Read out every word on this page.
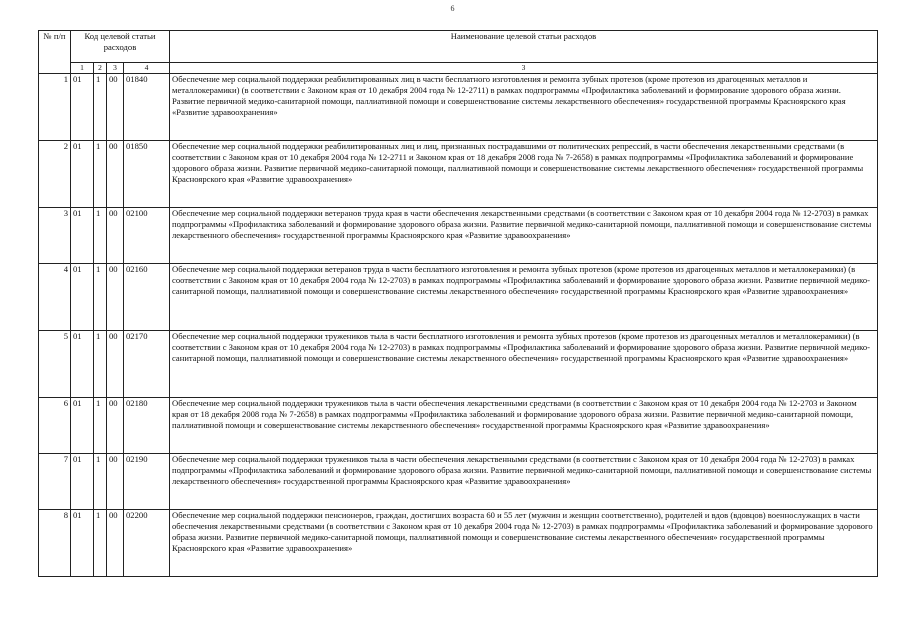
6
№ п/п	Код целевой статьи расходов				Наименование целевой статьи расходов
	1	2	3	4	3
1	01	1	00	01840	Обеспечение мер социальной поддержки реабилитированных лиц в части бесплатного изготовления и ремонта зубных протезов (кроме протезов из драгоценных металлов и металлокерамики) (в соответствии с Законом края от 10 декабря 2004 года № 12-2711) в рамках подпрограммы «Профилактика заболеваний и формирование здорового образа жизни. Развитие первичной медико-санитарной помощи, паллиативной помощи и совершенствование системы лекарственного обеспечения» государственной программы Красноярского края «Развитие здравоохранения»
2	01	1	00	01850	Обеспечение мер социальной поддержки реабилитированных лиц и лиц, признанных пострадавшими от политических репрессий, в части обеспечения лекарственными средствами (в соответствии с Законом края от 10 декабря 2004 года № 12-2711 и Законом края от 18 декабря 2008 года № 7-2658) в рамках подпрограммы «Профилактика заболеваний и формирование здорового образа жизни. Развитие первичной медико-санитарной помощи, паллиативной помощи и совершенствование системы лекарственного обеспечения» государственной программы Красноярского края «Развитие здравоохранения»
3	01	1	00	02100	Обеспечение мер социальной поддержки ветеранов труда края в части обеспечения лекарственными средствами (в соответствии с Законом края от 10 декабря 2004 года № 12-2703) в рамках подпрограммы «Профилактика заболеваний и формирование здорового образа жизни. Развитие первичной медико-санитарной помощи, паллиативной помощи и совершенствование системы лекарственного обеспечения» государственной программы Красноярского края «Развитие здравоохранения»
4	01	1	00	02160	Обеспечение мер социальной поддержки ветеранов труда в части бесплатного изготовления и ремонта зубных протезов (кроме протезов из драгоценных металлов и металлокерамики) (в соответствии с Законом края от 10 декабря 2004 года № 12-2703) в рамках подпрограммы «Профилактика заболеваний и формирование здорового образа жизни. Развитие первичной медико-санитарной помощи, паллиативной помощи и совершенствование системы лекарственного обеспечения» государственной программы Красноярского края «Развитие здравоохранения»
5	01	1	00	02170	Обеспечение мер социальной поддержки тружеников тыла в части бесплатного изготовления и ремонта зубных протезов (кроме протезов из драгоценных металлов и металлокерамики) (в соответствии с Законом края от 10 декабря 2004 года № 12-2703) в рамках подпрограммы «Профилактика заболеваний и формирование здорового образа жизни. Развитие первичной медико-санитарной помощи, паллиативной помощи и совершенствование системы лекарственного обеспечения» государственной программы Красноярского края «Развитие здравоохранения»
6	01	1	00	02180	Обеспечение мер социальной поддержки тружеников тыла в части обеспечения лекарственными средствами (в соответствии с Законом края от 10 декабря 2004 года № 12-2703 и Законом края от 18 декабря 2008 года № 7-2658) в рамках подпрограммы «Профилактика заболеваний и формирование здорового образа жизни. Развитие первичной медико-санитарной помощи, паллиативной помощи и совершенствование системы лекарственного обеспечения» государственной программы Красноярского края «Развитие здравоохранения»
7	01	1	00	02190	Обеспечение мер социальной поддержки тружеников тыла в части обеспечения лекарственными средствами (в соответствии с Законом края от 10 декабря 2004 года № 12-2703) в рамках подпрограммы «Профилактика заболеваний и формирование здорового образа жизни. Развитие первичной медико-санитарной помощи, паллиативной помощи и совершенствование системы лекарственного обеспечения» государственной программы Красноярского края «Развитие здравоохранения»
8	01	1	00	02200	Обеспечение мер социальной поддержки пенсионеров, граждан, достигших возраста 60 и 55 лет (мужчин и женщин соответственно), родителей и вдов (вдовцов) военнослужащих в части обеспечения лекарственными средствами (в соответствии с Законом края от 10 декабря 2004 года № 12-2703) в рамках подпрограммы «Профилактика заболеваний и формирование здорового образа жизни. Развитие первичной медико-санитарной помощи, паллиативной помощи и совершенствование системы лекарственного обеспечения» государственной программы Красноярского края «Развитие здравоохранения»
